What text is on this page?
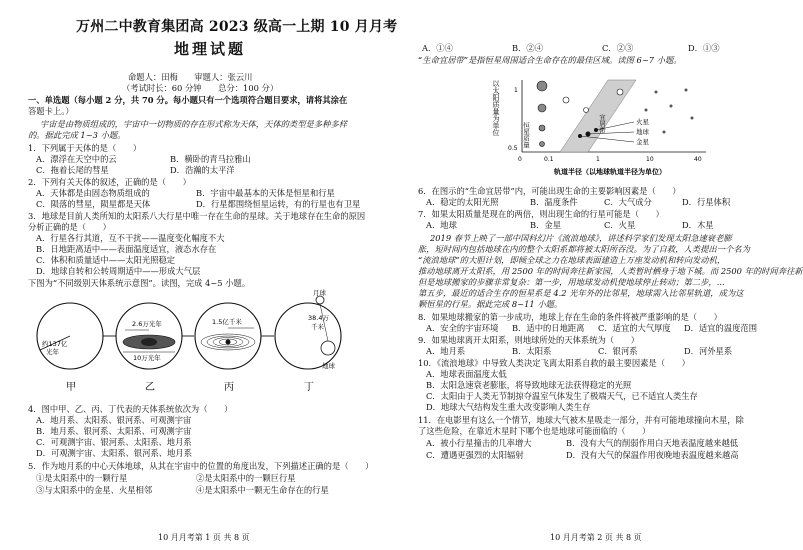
万州二中教育集团高 2023 级高一上期 10 月月考
地理试题
命题人：田梅　　审题人：张云川
（考试时长：60 分钟　　总分：100 分）
一、单选题（每小题 2 分，共 70 分。每小题只有一个选项符合题目要求，请将其涂在
答题卡上。）
宇宙是由物质组成的，宇宙中一切物质的存在形式称为天体，天体的类型是多种多样
的。据此完成 1~3 小题。
1．下列属于天体的是（　　）
A．漂浮在天空中的云	B．横卧的青马拉雅山
C．拖着长尾的彗星	D．浩瀚的太平洋
2．下列有关天体的叙述，正确的是（　　）
A．天体都是由固态物质组成的	B．宇宙中最基本的天体是恒星和行星
C．陨落的彗星，陨星都是天体	D．行星都围绕恒星运转，有的行星也有卫星
3．地球是目前人类所知的太阳系八大行星中唯一存在生命的星球。关于地球存在生命的原因
分析正确的是（　　）
A．行星各行其道，互不干扰——温度变化幅度不大
B．日地距离适中——表面温度适宜，液态水存在
C．体积和质量适中——太阳光照稳定
D．地球自转和公转周期适中——形成大气层
下图为“不同级别天体系统示意图”。读图，完成 4~5 小题。
约137亿
光年
2.6万光年
10万光年
1.5亿千米
月球
地球
38.4万
千米
甲	乙	丙	丁
4．图中甲、乙、丙、丁代表的天体系统依次为（　　）
A．地月系、太阳系、银河系、可观测宇宙
B．地月系、银河系、太阳系、可观测宇宙
C．可观测宇宙、银河系、太阳系、地月系
D．可观测宇宙、太阳系、银河系、地月系
5．作为地月系的中心天体地球，从其在宇宙中的位置的角度出发，下列描述正确的是（　　）
①是太阳系中的一颗行星	②是太阳系中的一颗巨行星
③与太阳系中的金星、火星相邻	④是太阳系中一颗无生命存在的行星
10 月月考第 1 页 共 8 页
A．①④	B．②④	C．②③	D．①③
“生命宜居带”是指恒星周围适合生命存在的最佳区域。读图 6~7 小题。
以太阳质量为单位 1
0.5
0	0.1	1	10	40
恒星质量	宜居带	火星
地球
金星
轨道半径（以地球轨道半径为单位）
6．在图示的“生命宜居带”内，可能出现生命的主要影响因素是（　　）
A．稳定的太阳光照	B．温度条件	C．大气成分	D．行星体积
7．如果太阳质量是现在的两倍，则出现生命的行星可能是（　　）
A．地球	B．金星	C．火星	D．木星
2019 春节上映了一部中国科幻片《流浪地球》，讲述科学家们发现太阳急速衰老膨
胀，短时间内包括地球在内的整个太阳系都将被太阳所吞没。为了自救，人类提出一个名为
“流浪地球”的大胆计划，即倾全球之力在地球表面建造上万座发动机和转向发动机，
推动地球离开太阳系，用 2500 年的时间奔往新家园，人类暂时栖身于地下城。而 2500 年的时间奔往新
但是地球搬家的步骤非常复杂：第一步，用地球发动机使地球停止转动；第二步，...
第五步，最近的适合生存的恒星系是 4.2 光年外的比邻星，地球需入比邻星轨道，成为这
颗恒星的行星。据此完成 8~11 小题。
8．如果地球搬家的第一步成功，地球上存在生命的条件将被严重影响的是（　　）
A．安全的宇宙环境 B．适中的日地距离 C．适宜的大气厚度 D．适宜的温度范围
9．如果地球离开太阳系，则地球所处的天体系统为（　　）
A．地月系	B．太阳系	C．银河系	D．河外星系
10．《流浪地球》中导致人类决定飞离太阳系自救的最主要因素是（　　）
A．地球表面温度太低
B．太阳急速衰老膨胀，将导致地球无法获得稳定的光照
C．太阳由于人类无节制掠夺温室气体发生了极端天气，已不适宜人类生存
D．地球大气结构发生重大改变影响人类生存
11．在电影里有这么一个情节，地球大气被木星吸走一部分，并有可能地球撞向木星，除
了这些危险，在靠近木星时下哪个也是地球可能面临的（　　）
A．被小行星撞击的几率增大	B．没有大气的削弱作用白天地表温度越来越低
C．遭遇更强烈的太阳辐射	D．没有大气的保温作用夜晚地表温度越来越高
10 月月考第 2 页 共 8 页
